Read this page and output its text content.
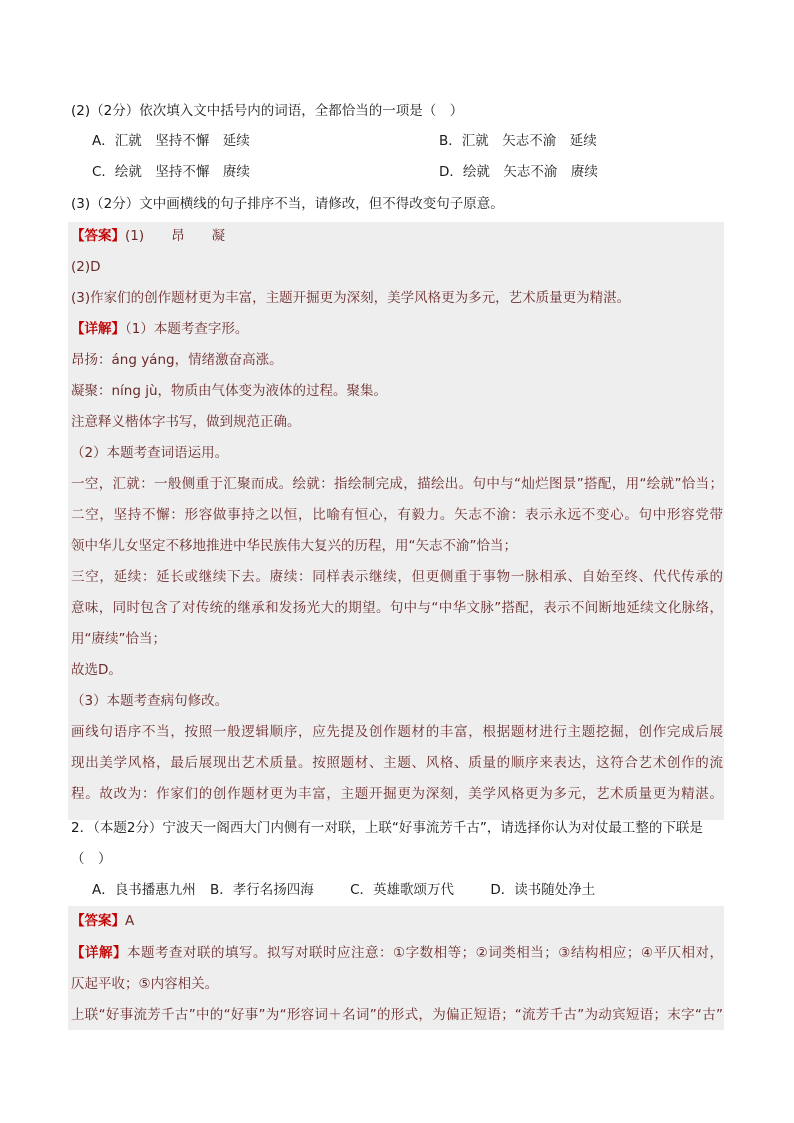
(2)（2分）依次填入文中括号内的词语，全都恰当的一项是（　）
A．汇就　坚持不懈　延续	B．汇就　矢志不渝　延续
C．绘就　坚持不懈　赓续	D．绘就　矢志不渝　赓续
(3)（2分）文中画横线的句子排序不当，请修改，但不得改变句子原意。
【答案】(1)　　昂　　凝
(2)D
(3)作家们的创作题材更为丰富，主题开掘更为深刻，美学风格更为多元，艺术质量更为精湛。
【详解】（1）本题考查字形。
昂扬：áng yáng，情绪激奋高涨。
凝聚：níng jù，物质由气体变为液体的过程。聚集。
注意释义楷体字书写，做到规范正确。
（2）本题考查词语运用。
一空，汇就：一般侧重于汇聚而成。绘就：指绘制完成，描绘出。句中与“灿烂图景”搭配，用“绘就”恰当；
二空，坚持不懈：形容做事持之以恒，比喻有恒心，有毅力。矢志不渝：表示永远不变心。句中形容党带
领中华儿女坚定不移地推进中华民族伟大复兴的历程，用“矢志不渝”恰当；
三空，延续：延长或继续下去。赓续：同样表示继续，但更侧重于事物一脉相承、自始至终、代代传承的
意味，同时包含了对传统的继承和发扬光大的期望。句中与“中华文脉”搭配，表示不间断地延续文化脉络，
用“赓续”恰当；
故选D。
（3）本题考查病句修改。
画线句语序不当，按照一般逻辑顺序，应先提及创作题材的丰富，根据题材进行主题挖掘，创作完成后展
现出美学风格，最后展现出艺术质量。按照题材、主题、风格、质量的顺序来表达，这符合艺术创作的流
程。故改为：作家们的创作题材更为丰富，主题开掘更为深刻，美学风格更为多元，艺术质量更为精湛。
2．（本题2分）宁波天一阁西大门内侧有一对联，上联“好事流芳千古”，请选择你认为对仗最工整的下联是
（　）
A．良书播惠九州 B．孝行名扬四海	C．英雄歌颂万代	D．读书随处净土
【答案】A
【详解】本题考查对联的填写。拟写对联时应注意：①字数相等；②词类相当；③结构相应；④平仄相对，
仄起平收；⑤内容相关。
上联“好事流芳千古”中的“好事”为“形容词＋名词”的形式，为偏正短语；“流芳千古”为动宾短语；末字“古”
